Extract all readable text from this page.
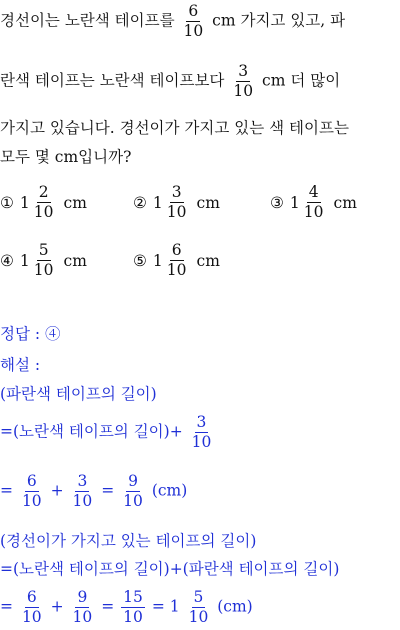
경선이는 노란색 테이프를 $\frac{6}{10}$ cm 가지고 있고, 파
란색 테이프는 노란색 테이프보다 $\frac{3}{10}$ cm 더 많이
가지고 있습니다. 경선이가 가지고 있는 색 테이프는
모두 몇 cm입니까?
① $1 \frac{2}{10}$ cm	② $1 \frac{3}{10}$ cm	③ $1 \frac{4}{10}$ cm
④ $1 \frac{5}{10}$ cm	⑤ $1 \frac{6}{10}$ cm
정답 : ④
해설 :
(파란색 테이프의 길이)
=(노란색 테이프의 길이)+ $\frac{3}{10}$
= $\frac{6}{10} + \frac{3}{10} = \frac{9}{10} (cm)$
(경선이가 가지고 있는 테이프의 길이)
=(노란색 테이프의 길이)+(파란색 테이프의 길이)
= $\frac{6}{10} + \frac{9}{10} = \frac{15}{10} = 1 \frac{5}{10} (cm)$
